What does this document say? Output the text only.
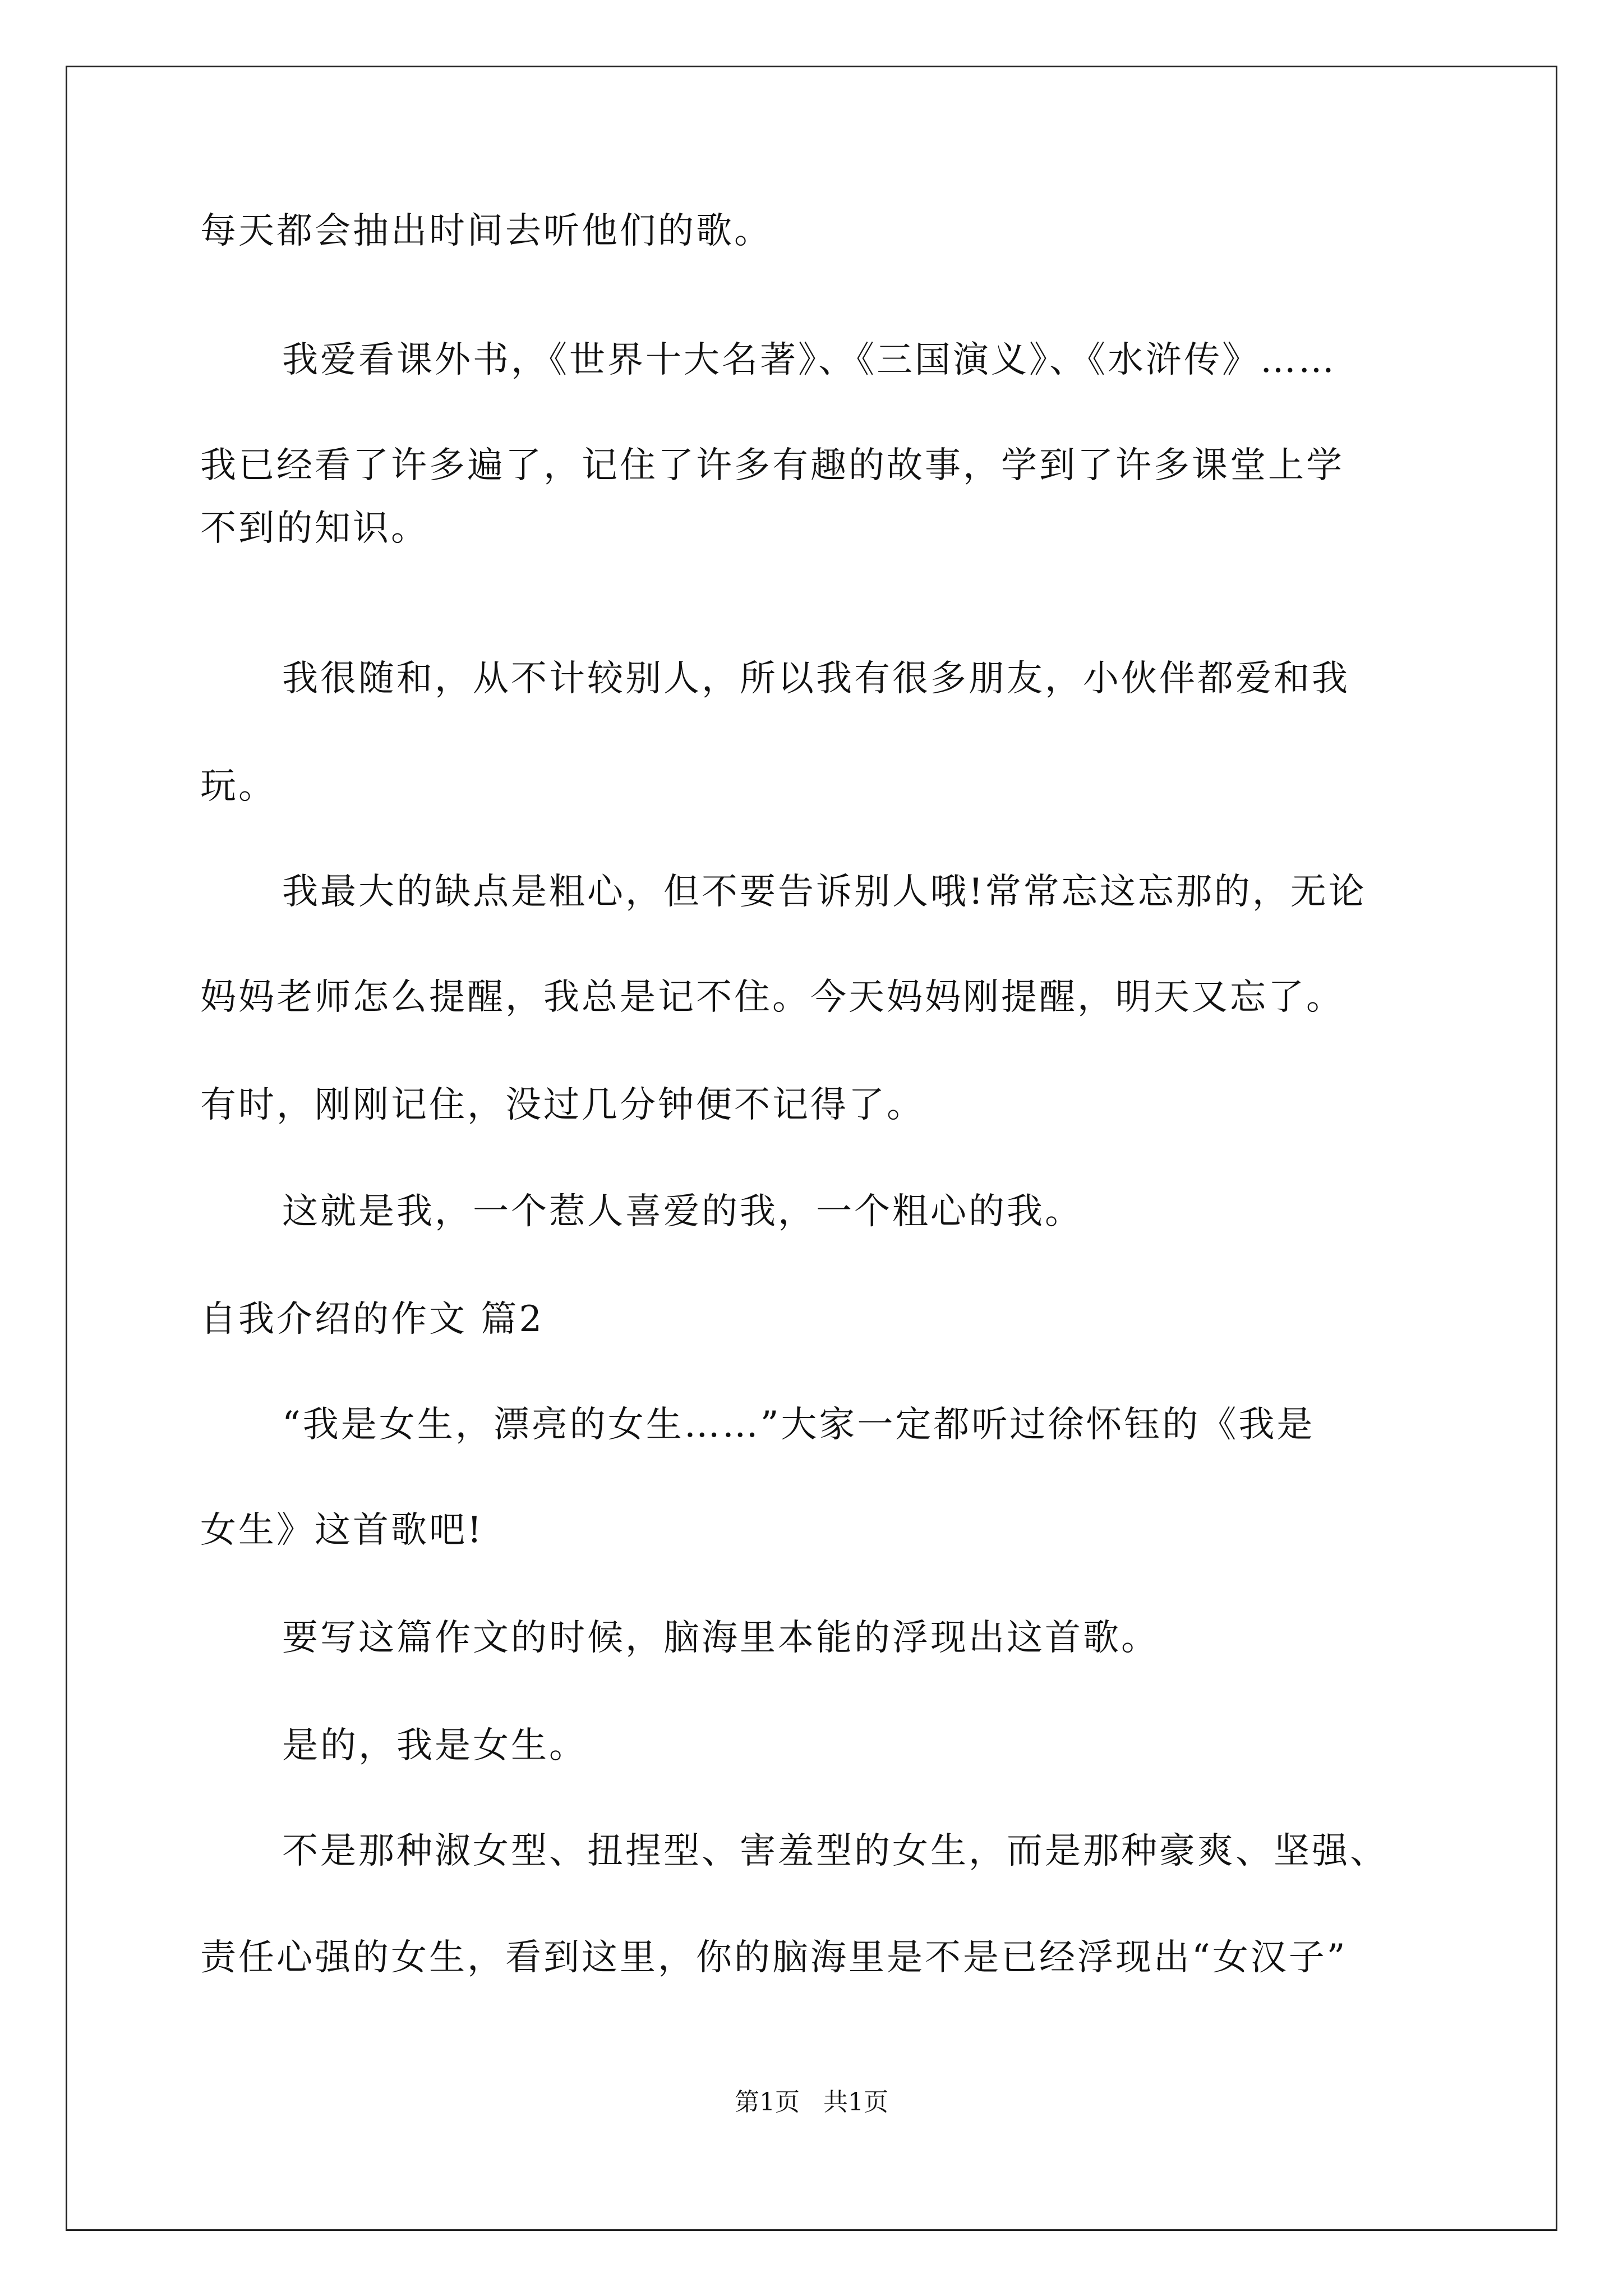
每天都会抽出时间去听他们的歌。
我爱看课外书，《世界十大名著》、《三国演义》、《水浒传》……
我已经看了许多遍了，记住了许多有趣的故事，学到了许多课堂上学
不到的知识。
我很随和，从不计较别人，所以我有很多朋友，小伙伴都爱和我
玩。
我最大的缺点是粗心，但不要告诉别人哦!常常忘这忘那的，无论
妈妈老师怎么提醒，我总是记不住。今天妈妈刚提醒，明天又忘了。
有时，刚刚记住，没过几分钟便不记得了。
这就是我，一个惹人喜爱的我，一个粗心的我。
自我介绍的作文 篇2
“我是女生，漂亮的女生……”大家一定都听过徐怀钰的《我是
女生》这首歌吧!
要写这篇作文的时候，脑海里本能的浮现出这首歌。
是的，我是女生。
不是那种淑女型、扭捏型、害羞型的女生，而是那种豪爽、坚强、
责任心强的女生，看到这里，你的脑海里是不是已经浮现出“女汉子”
第1页   共1页
